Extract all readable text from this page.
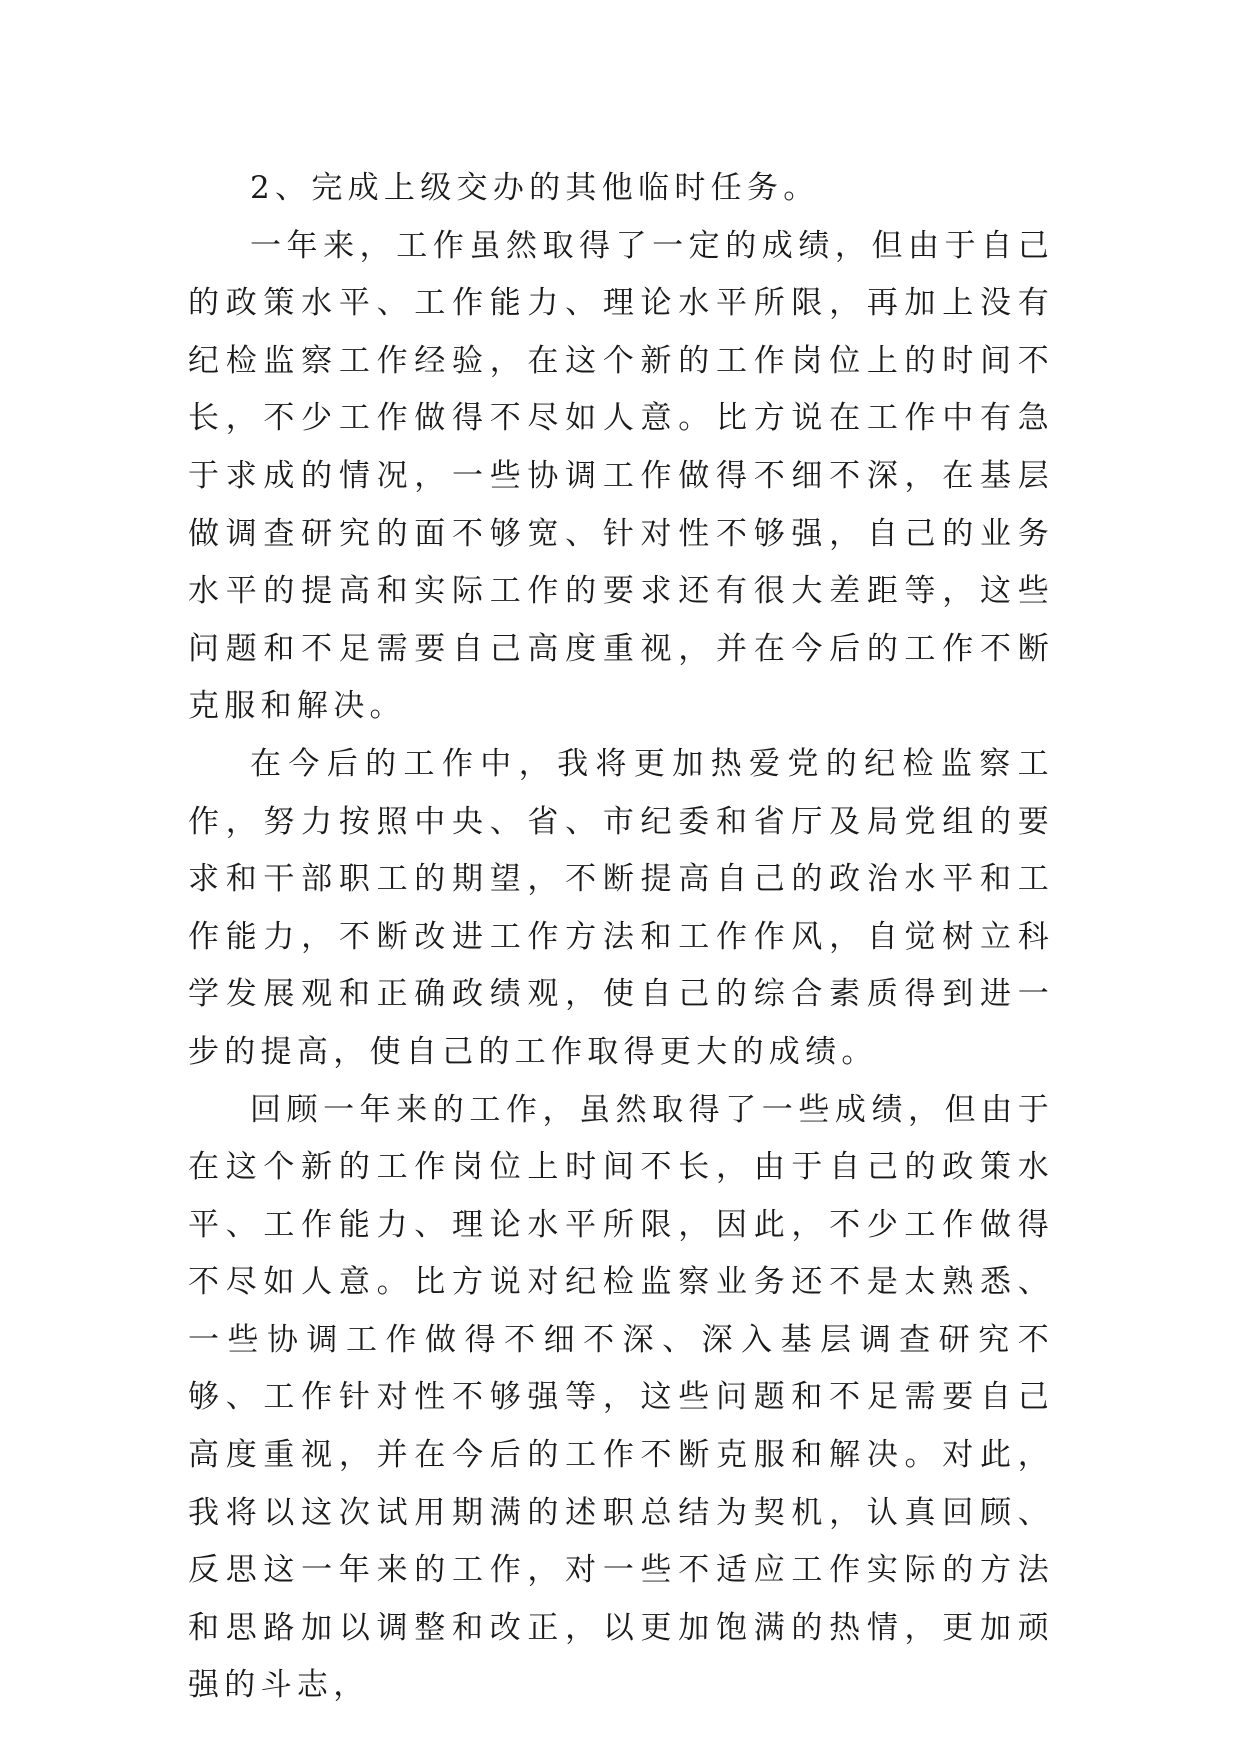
2、完成上级交办的其他临时任务。

一年来，工作虽然取得了一定的成绩，但由于自己的政策水平、工作能力、理论水平所限，再加上没有纪检监察工作经验，在这个新的工作岗位上的时间不长，不少工作做得不尽如人意。比方说在工作中有急于求成的情况，一些协调工作做得不细不深，在基层做调查研究的面不够宽、针对性不够强，自己的业务水平的提高和实际工作的要求还有很大差距等，这些问题和不足需要自己高度重视，并在今后的工作不断克服和解决。

在今后的工作中，我将更加热爱党的纪检监察工作，努力按照中央、省、市纪委和省厅及局党组的要求和干部职工的期望，不断提高自己的政治水平和工作能力，不断改进工作方法和工作作风，自觉树立科学发展观和正确政绩观，使自己的综合素质得到进一步的提高，使自己的工作取得更大的成绩。

回顾一年来的工作，虽然取得了一些成绩，但由于在这个新的工作岗位上时间不长，由于自己的政策水平、工作能力、理论水平所限，因此，不少工作做得不尽如人意。比方说对纪检监察业务还不是太熟悉、一些协调工作做得不细不深、深入基层调查研究不够、工作针对性不够强等，这些问题和不足需要自己高度重视，并在今后的工作不断克服和解决。对此，我将以这次试用期满的述职总结为契机，认真回顾、反思这一年来的工作，对一些不适应工作实际的方法和思路加以调整和改正，以更加饱满的热情，更加顽强的斗志，
